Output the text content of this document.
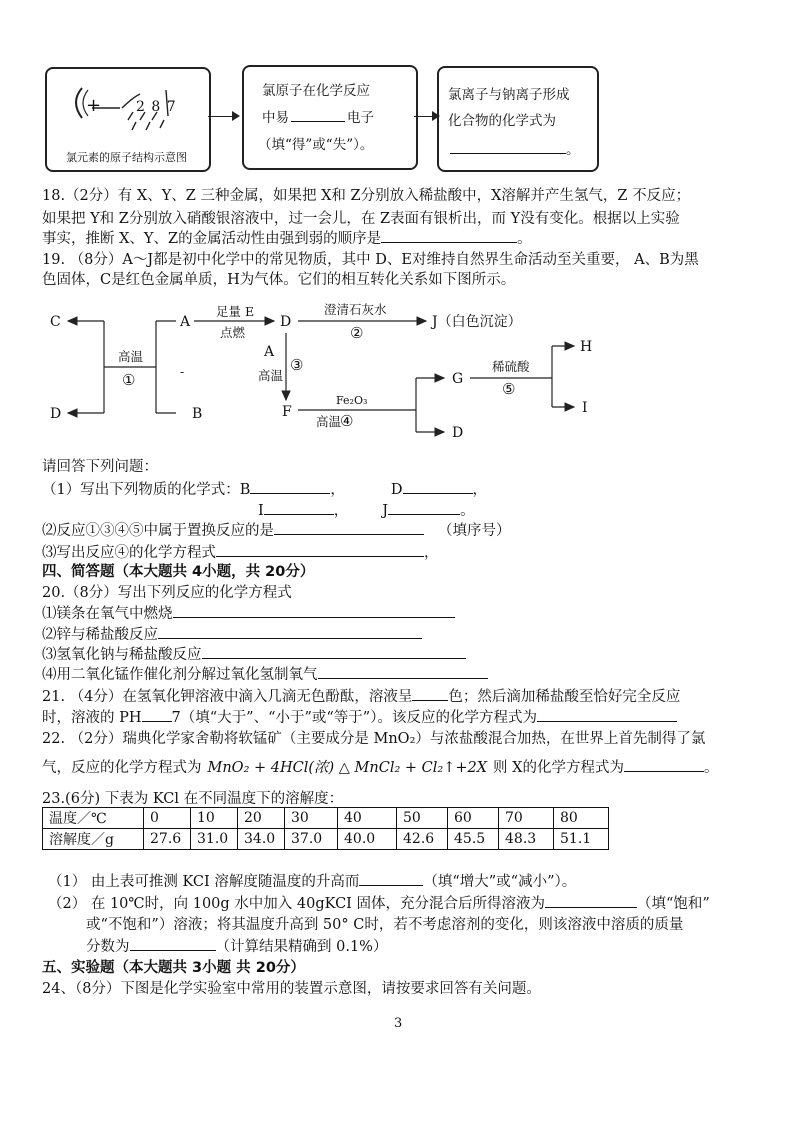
+ 2 8 7
氯元素的原子结构示意图
氯原子在化学反应
中易	电子
（填“得”或“失”）。
氯离子与钠离子形成
化合物的化学式为
。
18.（2分）有 X、Y、Z 三种金属，如果把 X和 Z分别放入稀盐酸中，X溶解并产生氢气，Z 不反应；
如果把 Y和 Z分别放入硝酸银溶液中，过一会儿，在 Z表面有银析出，而 Y没有变化。根据以上实验
事实，推断 X、Y、Z的金属活动性由强到弱的顺序是	。
19. （8分）A～J都是初中化学中的常见物质，其中 D、E对维持自然界生命活动至关重要， A、B为黑
色固体，C是红色金属单质，H为气体。它们的相互转化关系如下图所示。
C
D
A
B
D	J（白色沉淀）
A
F
G
H
I
D
高温
①	-
足量 E
点燃
澄清石灰水
②
高温
③
Fe₂O₃
高温
④
稀硫酸
⑤
请回答下列问题：
（1）写出下列物质的化学式：B	，	D	，
I	， J	。
⑵反应①③④⑤中属于置换反应的是	（填序号）
⑶写出反应④的化学方程式	，
四、简答题（本大题共 4小题，共 20分）
20.（8分）写出下列反应的化学方程式
⑴镁条在氧气中燃烧
⑵锌与稀盐酸反应
⑶氢氧化钠与稀盐酸反应
⑷用二氧化锰作催化剂分解过氧化氢制氧气
21. （4分）在氢氧化钾溶液中滴入几滴无色酚酞，溶液呈 色；然后滴加稀盐酸至恰好完全反应
时，溶液的 PH 7（填“大于”、“小于”或“等于”）。该反应的化学方程式为
22. （2分）瑞典化学家舍勒将软锰矿（主要成分是 MnO₂）与浓盐酸混合加热，在世界上首先制得了氯
气，反应的化学方程式为 MnO₂ + 4HCl(浓) △ MnCl₂ + Cl₂↑+2X 则 X的化学方程式为	。
23.(6分) 下表为 KCl 在不同温度下的溶解度：
温度／℃	0	10	20	30	40	50	60	70	80
溶解度／g	27.6	31.0	34.0	37.0	40.0	42.6	45.5	48.3	51.1
（1） 由上表可推测 KCI 溶解度随温度的升高而	（填“增大”或“减小”）。
（2） 在 10℃时，向 100g 水中加入 40gKCI 固体，充分混合后所得溶液为	（填“饱和”
或“不饱和”）溶液；将其温度升高到 50° C时，若不考虑溶剂的变化，则该溶液中溶质的质量
分数为	（计算结果精确到 0.1%）
五、实验题（本大题共 3小题 共 20分）
24、（8分）下图是化学实验室中常用的装置示意图，请按要求回答有关问题。
3
